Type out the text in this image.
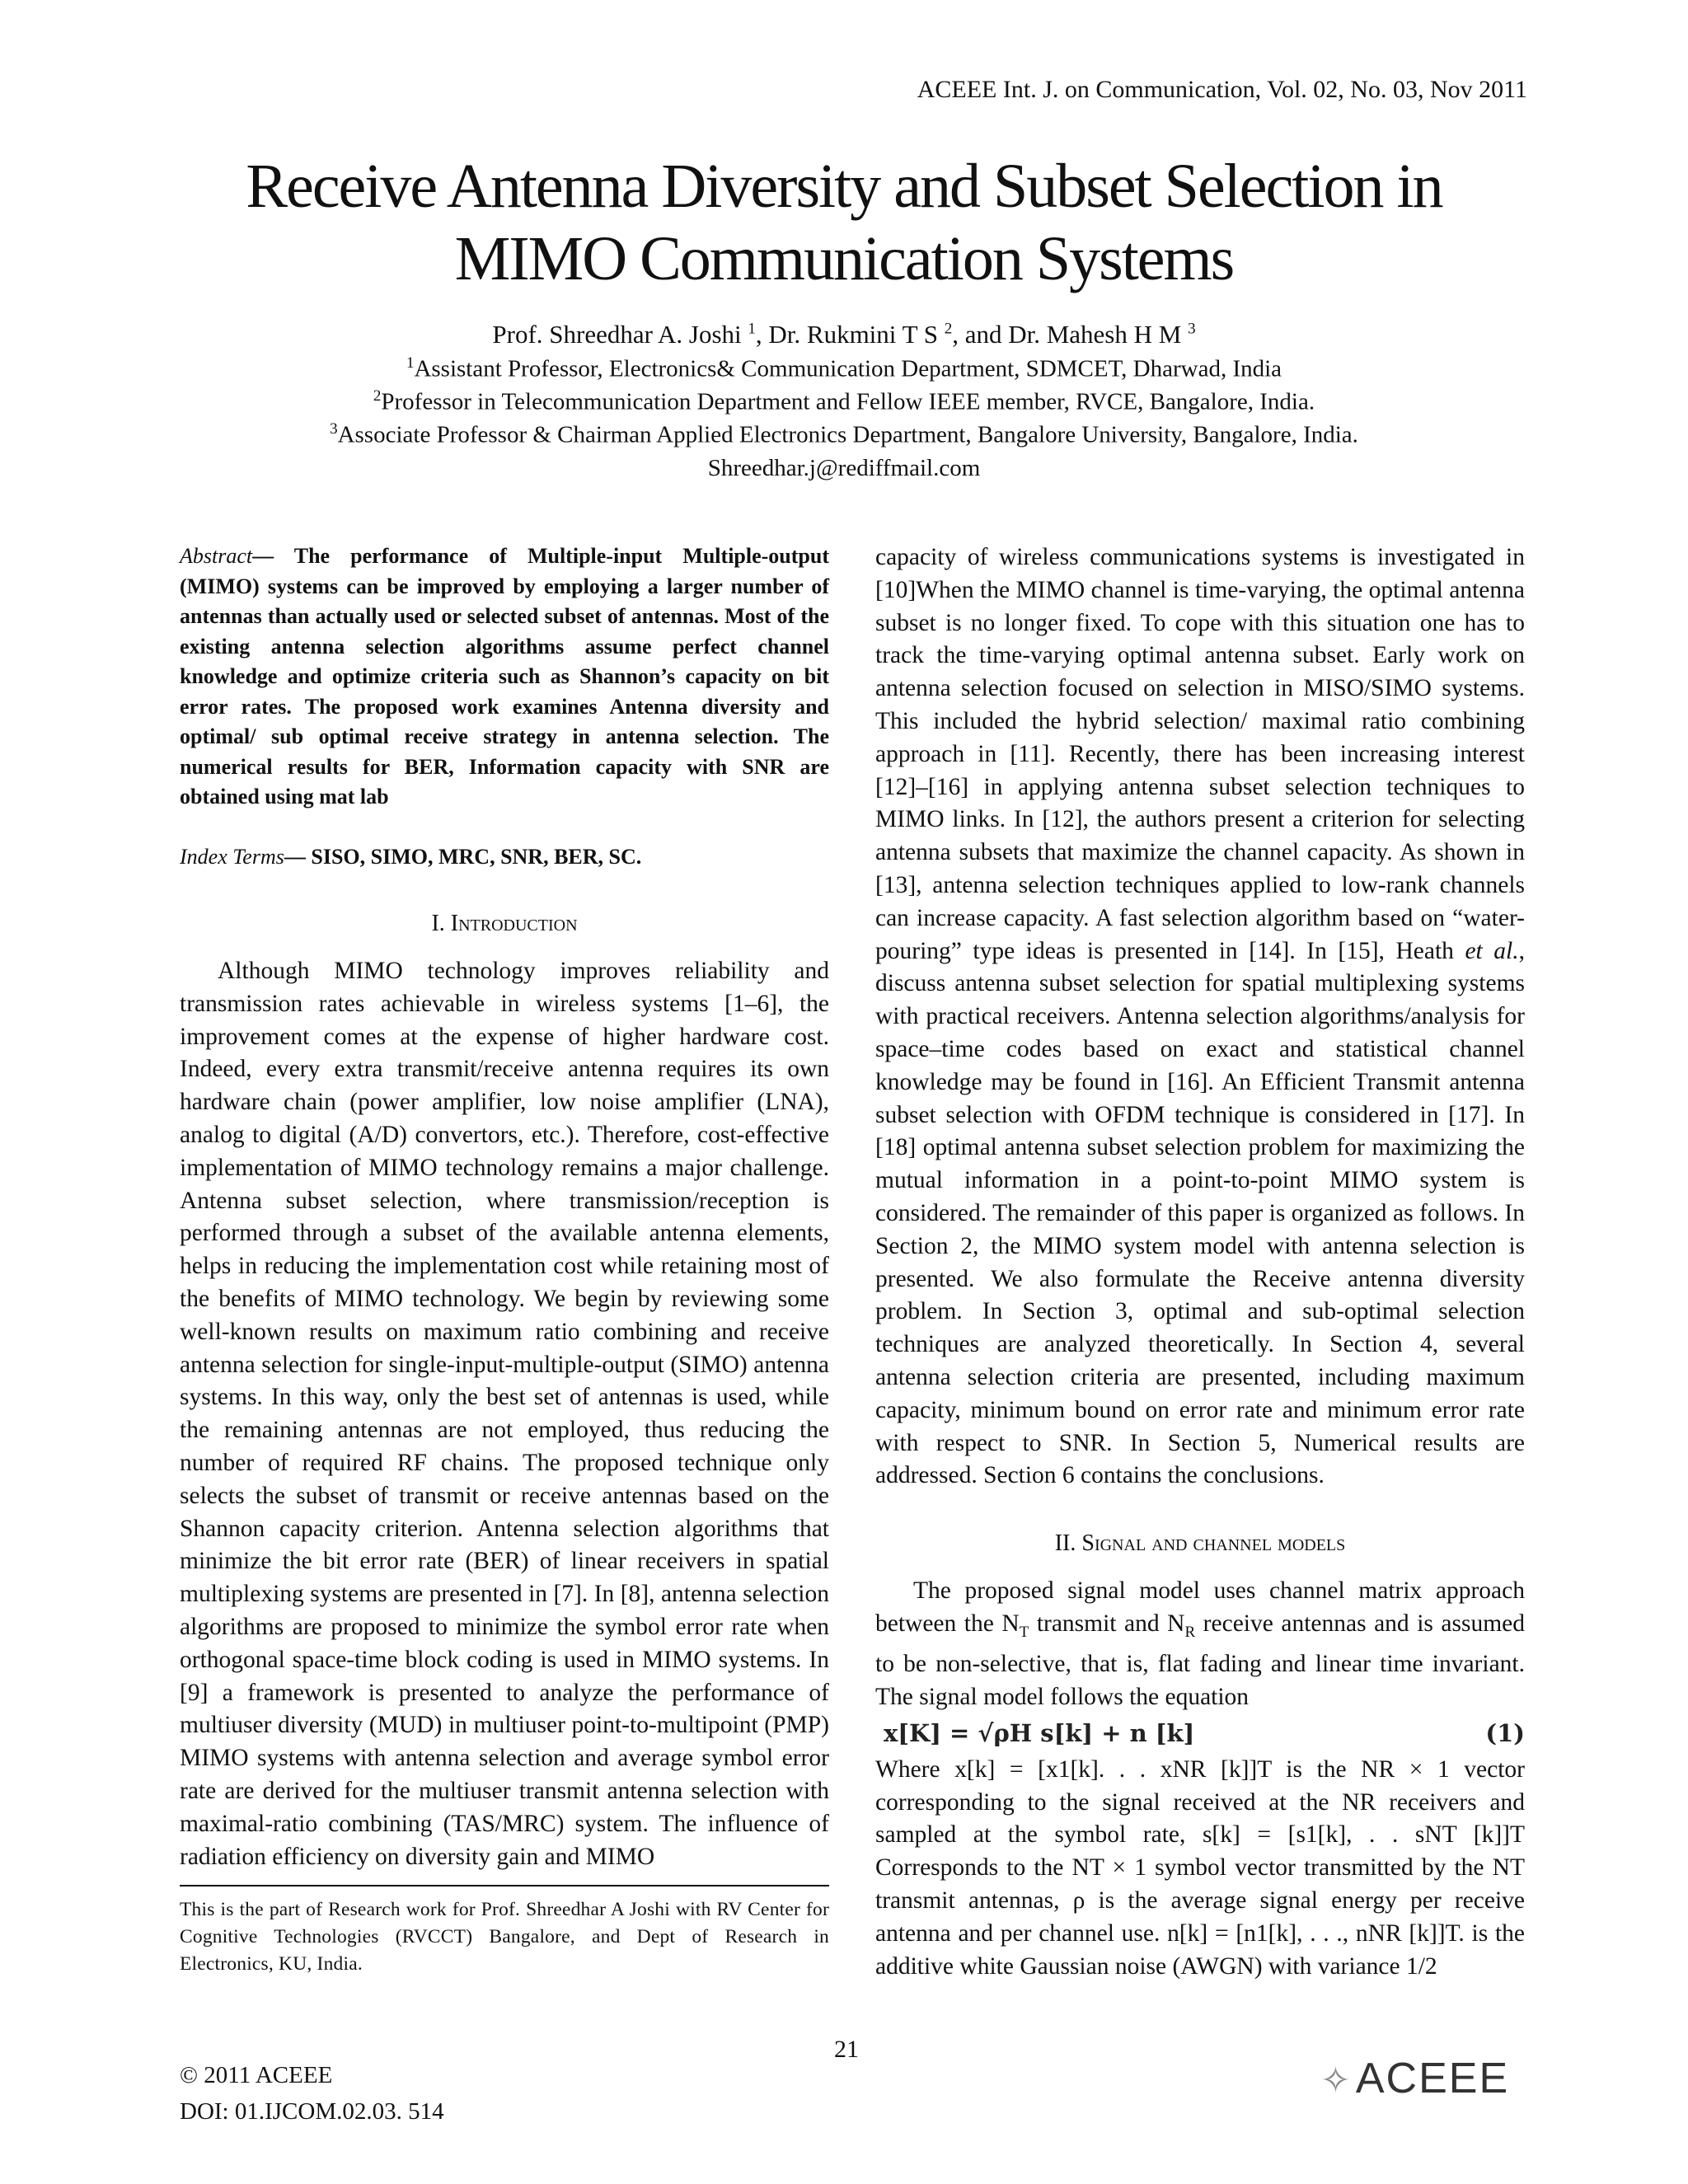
ACEEE Int. J. on Communication, Vol. 02, No. 03, Nov 2011
Receive Antenna Diversity and Subset Selection in
MIMO Communication Systems
Prof. Shreedhar A. Joshi $^1$, Dr. Rukmini T S $^2$, and Dr. Mahesh H M $^3$
$^1$Assistant Professor, Electronics& Communication Department, SDMCET, Dharwad, India
$^2$Professor in Telecommunication Department and Fellow IEEE member, RVCE, Bangalore, India.
$^3$Associate Professor & Chairman Applied Electronics Department, Bangalore University, Bangalore, India.
Shreedhar.j@rediffmail.com
Abstract— The performance of Multiple-input Multiple-output (MIMO) systems can be improved by employing a larger number of antennas than actually used or selected subset of antennas. Most of the existing antenna selection algorithms assume perfect channel knowledge and optimize criteria such as Shannon’s capacity on bit error rates. The proposed work examines Antenna diversity and optimal/ sub optimal receive strategy in antenna selection. The numerical results for BER, Information capacity with SNR are obtained using mat lab
Index Terms— SISO, SIMO, MRC, SNR, BER, SC.
I. Introduction
Although MIMO technology improves reliability and transmission rates achievable in wireless systems [1–6], the improvement comes at the expense of higher hardware cost. Indeed, every extra transmit/receive antenna requires its own hardware chain (power amplifier, low noise amplifier (LNA), analog to digital (A/D) convertors, etc.). Therefore, cost-effective implementation of MIMO technology remains a major challenge. Antenna subset selection, where transmission/reception is performed through a subset of the available antenna elements, helps in reducing the implementation cost while retaining most of the benefits of MIMO technology. We begin by reviewing some well-known results on maximum ratio combining and receive antenna selection for single-input-multiple-output (SIMO) antenna systems. In this way, only the best set of antennas is used, while the remaining antennas are not employed, thus reducing the number of required RF chains. The proposed technique only selects the subset of transmit or receive antennas based on the Shannon capacity criterion. Antenna selection algorithms that minimize the bit error rate (BER) of linear receivers in spatial multiplexing systems are presented in [7]. In [8], antenna selection algorithms are proposed to minimize the symbol error rate when orthogonal space-time block coding is used in MIMO systems. In [9] a framework is presented to analyze the performance of multiuser diversity (MUD) in multiuser point-to-multipoint (PMP) MIMO systems with antenna selection and average symbol error rate are derived for the multiuser transmit antenna selection with maximal-ratio combining (TAS/MRC) system. The influence of radiation efficiency on diversity gain and MIMO
This is the part of Research work for Prof. Shreedhar A Joshi with RV Center for Cognitive Technologies (RVCCT) Bangalore, and Dept of Research in Electronics, KU, India.
capacity of wireless communications systems is investigated in [10]When the MIMO channel is time-varying, the optimal antenna subset is no longer fixed. To cope with this situation one has to track the time-varying optimal antenna subset. Early work on antenna selection focused on selection in MISO/SIMO systems. This included the hybrid selection/ maximal ratio combining approach in [11]. Recently, there has been increasing interest [12]–[16] in applying antenna subset selection techniques to MIMO links. In [12], the authors present a criterion for selecting antenna subsets that maximize the channel capacity. As shown in [13], antenna selection techniques applied to low-rank channels can increase capacity. A fast selection algorithm based on “water-pouring” type ideas is presented in [14]. In [15], Heath et al., discuss antenna subset selection for spatial multiplexing systems with practical receivers. Antenna selection algorithms/analysis for space–time codes based on exact and statistical channel knowledge may be found in [16]. An Efficient Transmit antenna subset selection with OFDM technique is considered in [17]. In [18] optimal antenna subset selection problem for maximizing the mutual information in a point-to-point MIMO system is considered. The remainder of this paper is organized as follows. In Section 2, the MIMO system model with antenna selection is presented. We also formulate the Receive antenna diversity problem. In Section 3, optimal and sub-optimal selection techniques are analyzed theoretically. In Section 4, several antenna selection criteria are presented, including maximum capacity, minimum bound on error rate and minimum error rate with respect to SNR. In Section 5, Numerical results are addressed. Section 6 contains the conclusions.
II. Signal and channel models
The proposed signal model uses channel matrix approach between the $N_T$ transmit and $N_R$ receive antennas and is assumed to be non-selective, that is, flat fading and linear time invariant. The signal model follows the equation
x[K] = √ρH s[k] + n [k]	(1)
Where x[k] = [x1[k]. . . xNR [k]]T is the NR × 1 vector corresponding to the signal received at the NR receivers and sampled at the symbol rate, s[k] = [s1[k], . . sNT [k]]T Corresponds to the NT × 1 symbol vector transmitted by the NT transmit antennas, ρ is the average signal energy per receive antenna and per channel use. n[k] = [n1[k], . . ., nNR [k]]T. is the additive white Gaussian noise (AWGN) with variance 1/2
21
© 2011 ACEEE
DOI: 01.IJCOM.02.03. 514
✧ACEEE
